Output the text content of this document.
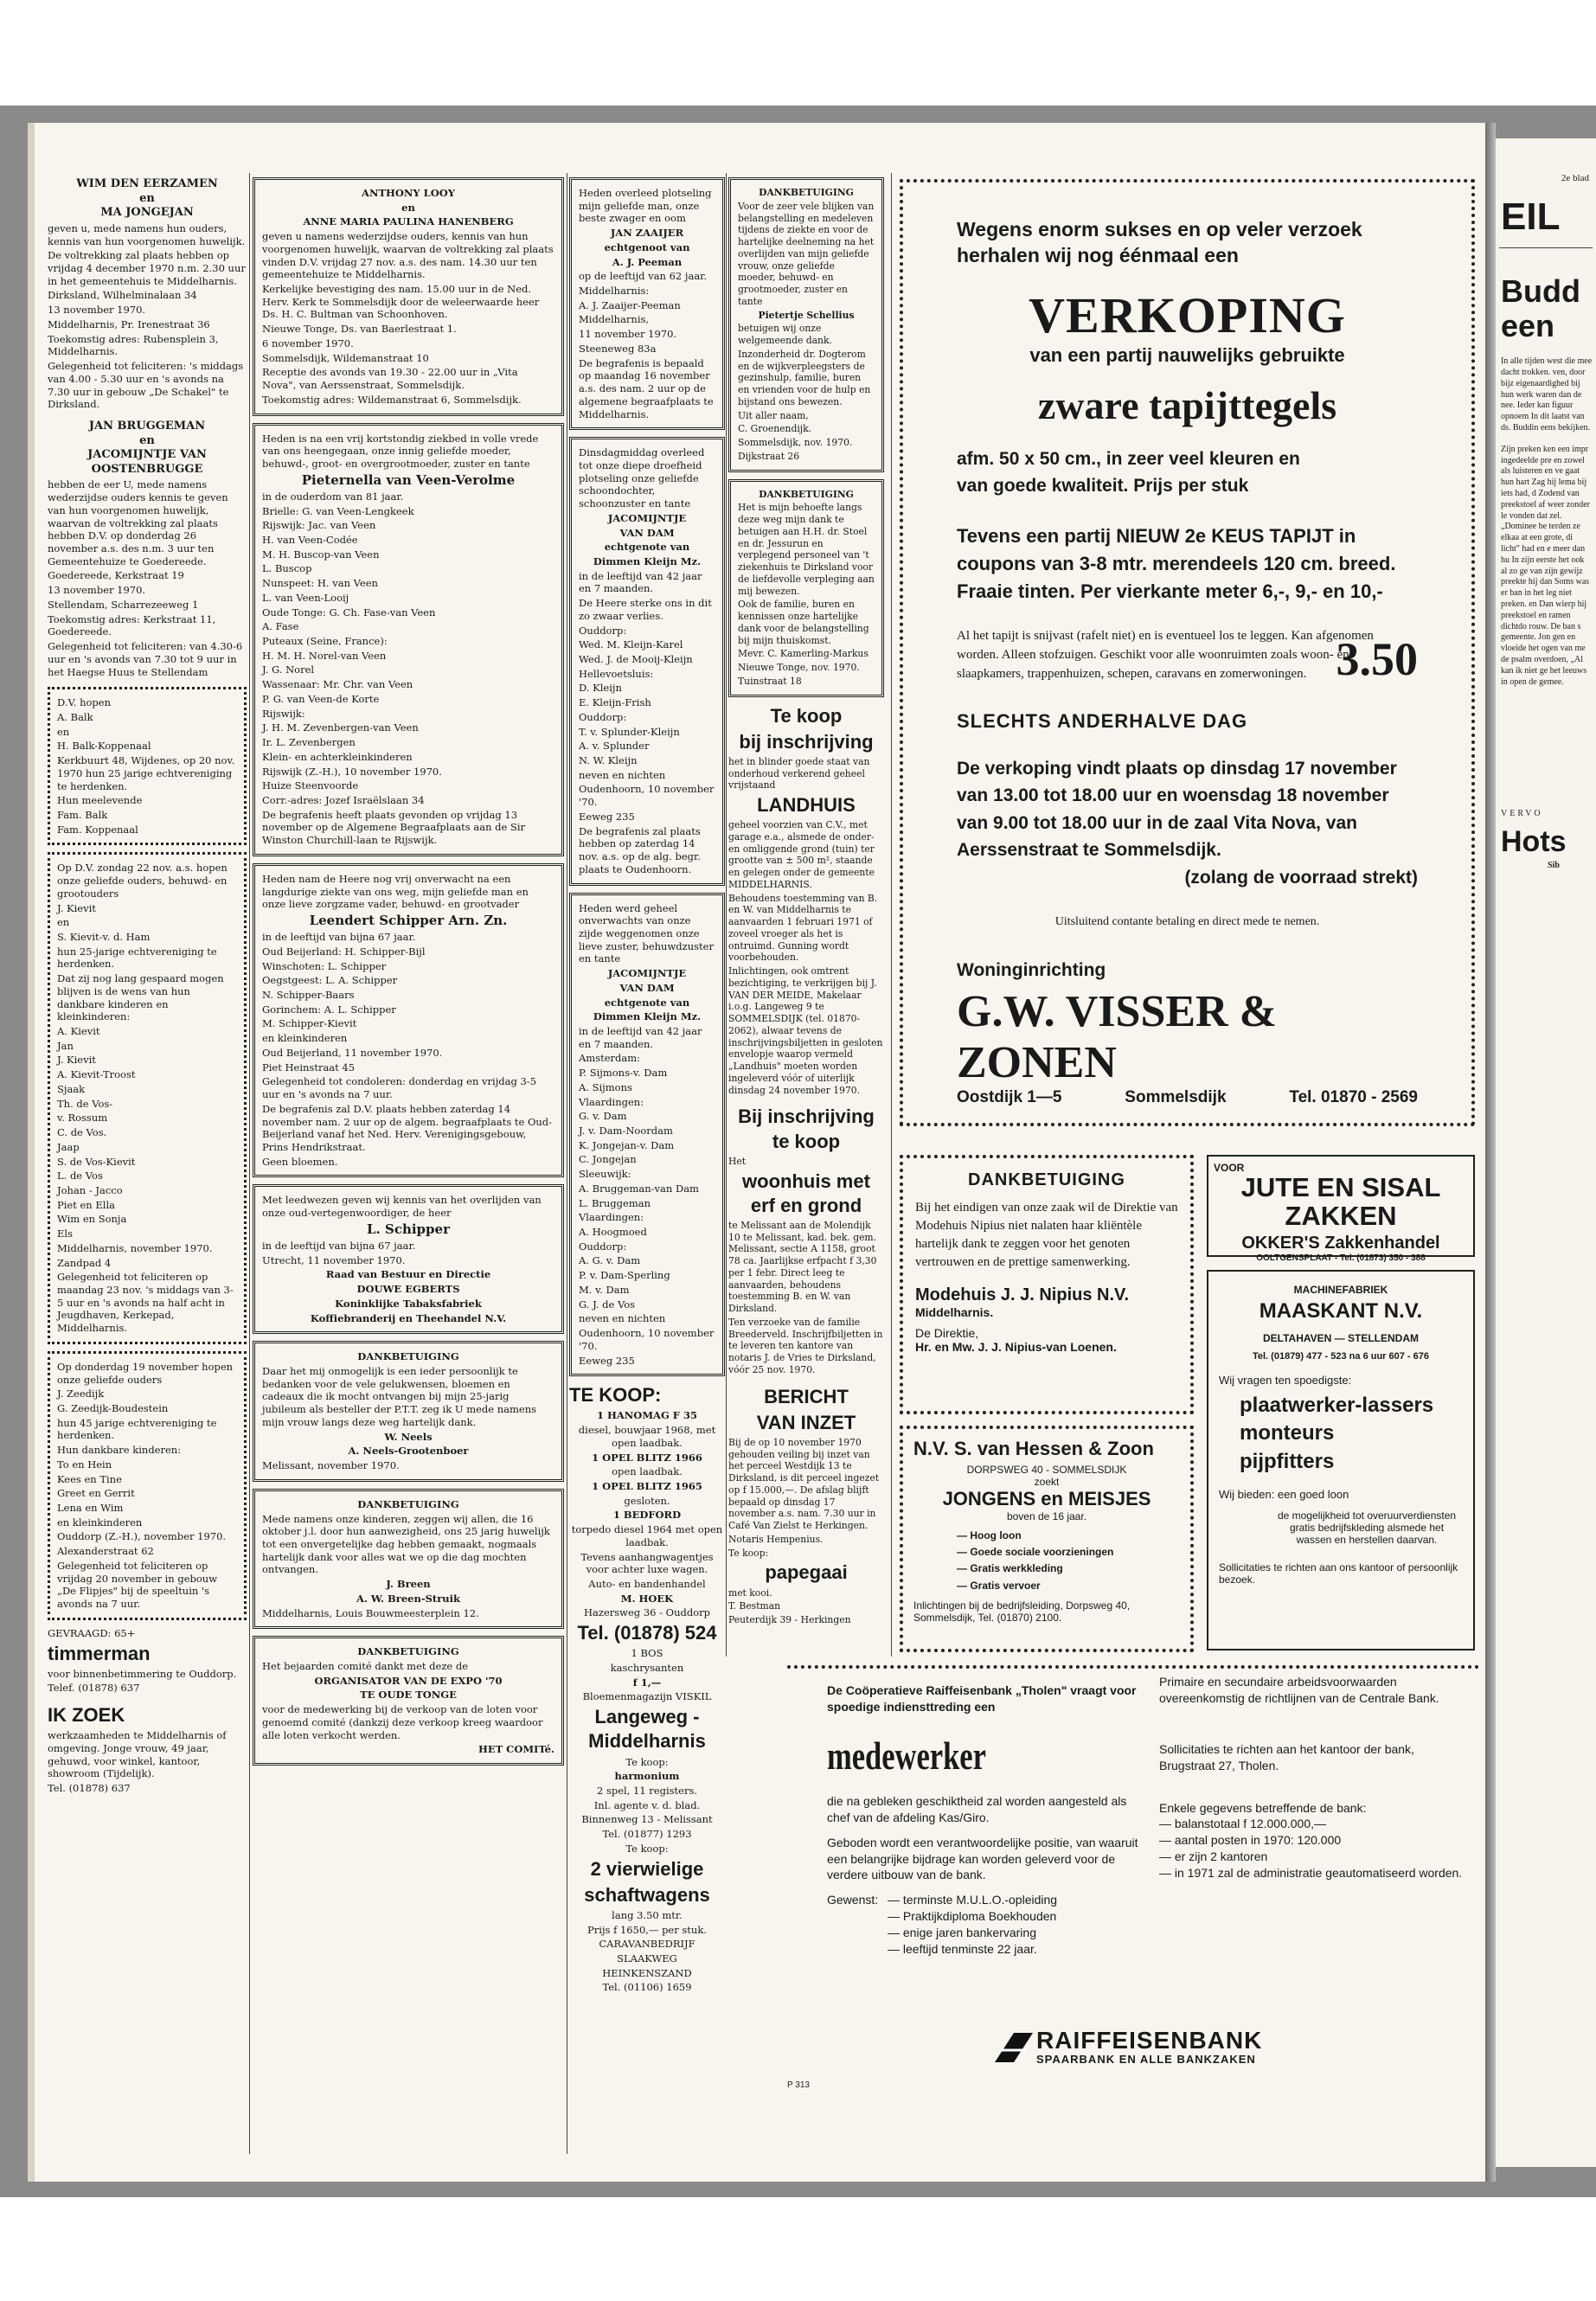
WIM DEN EERZAMEN
en
MA JONGEJAN
geven u, mede namens hun ouders, kennis van hun voorgenomen huwelijk.
De voltrekking zal plaats hebben op vrijdag 4 december 1970 n.m. 2.30 uur in het gemeentehuis te Middelharnis.
Dirksland, Wilhelminalaan 34
13 november 1970.
Middelharnis, Pr. Irenestraat 36
Toekomstig adres: Rubensplein 3, Middelharnis.
Gelegenheid tot feliciteren: 's middags van 4.00 - 5.30 uur en 's avonds na 7.30 uur in gebouw „De Schakel" te Dirksland.
JAN BRUGGEMAN
en
JACOMIJNTJE VAN OOSTENBRUGGE
hebben de eer U, mede namens wederzijdse ouders kennis te geven van hun voorgenomen huwelijk, waarvan de voltrekking zal plaats hebben D.V. op donderdag 26 november a.s. des n.m. 3 uur ten Gemeentehuize te Goedereede.
Goedereede, Kerkstraat 19
13 november 1970.
Stellendam, Scharrezeeweg 1
Toekomstig adres: Kerkstraat 11, Goedereede.
Gelegenheid tot feliciteren: van 4.30-6 uur en 's avonds van 7.30 tot 9 uur in het Haegse Huus te Stellendam
D.V. hopen
A. Balk
en
H. Balk-Koppenaal
Kerkbuurt 48, Wijdenes, op 20 nov. 1970 hun 25 jarige echtvereniging te herdenken.
Hun meelevende
Fam. Balk
Fam. Koppenaal
Op D.V. zondag 22 nov. a.s. hopen onze geliefde ouders, behuwd- en grootouders
J. Kievit
en
S. Kievit-v. d. Ham
hun 25-jarige echtvereniging te herdenken.
Dat zij nog lang gespaard mogen blijven is de wens van hun dankbare kinderen en kleinkinderen:
A. Kievit
Jan
J. Kievit
A. Kievit-Troost
Sjaak
Th. de Vos-
v. Rossum
C. de Vos.
Jaap
S. de Vos-Kievit
L. de Vos
Johan - Jacco
Piet en Ella
Wim en Sonja
Els
Middelharnis, november 1970.
Zandpad 4
Gelegenheid tot feliciteren op maandag 23 nov. 's middags van 3-5 uur en 's avonds na half acht in Jeugdhaven, Kerkepad, Middelharnis.
Op donderdag 19 november hopen onze geliefde ouders
J. Zeedijk
G. Zeedijk-Boudestein
hun 45 jarige echtvereniging te herdenken.
Hun dankbare kinderen:
To en Hein
Kees en Tine
Greet en Gerrit
Lena en Wim
en kleinkinderen
Ouddorp (Z.-H.), november 1970.
Alexanderstraat 62
Gelegenheid tot feliciteren op vrijdag 20 november in gebouw „De Flipjes" bij de speeltuin 's avonds na 7 uur.
GEVRAAGD: 65+
timmerman
voor binnenbetimmering te Ouddorp.
Telef. (01878) 637
IK ZOEK
werkzaamheden te Middelharnis of omgeving. Jonge vrouw, 49 jaar, gehuwd, voor winkel, kantoor, showroom (Tijdelijk).
Tel. (01878) 637
ANTHONY LOOY
en
ANNE MARIA PAULINA HANENBERG
geven u namens wederzijdse ouders, kennis van hun voorgenomen huwelijk, waarvan de voltrekking zal plaats vinden D.V. vrijdag 27 nov. a.s. des nam. 14.30 uur ten gemeentehuize te Middelharnis.
Kerkelijke bevestiging des nam. 15.00 uur in de Ned. Herv. Kerk te Sommelsdijk door de weleerwaarde heer Ds. H. C. Bultman van Schoonhoven.
Nieuwe Tonge, Ds. van Baerlestraat 1.
6 november 1970.
Sommelsdijk, Wildemanstraat 10
Receptie des avonds van 19.30 - 22.00 uur in „Vita Nova", van Aerssenstraat, Sommelsdijk.
Toekomstig adres: Wildemanstraat 6, Sommelsdijk.
Heden is na een vrij kortstondig ziekbed in volle vrede van ons heengegaan, onze innig geliefde moeder, behuwd-, groot- en overgrootmoeder, zuster en tante
Pieternella van Veen-Verolme
in de ouderdom van 81 jaar.
Brielle: G. van Veen-Lengkeek
Rijswijk: Jac. van Veen
H. van Veen-Codée
M. H. Buscop-van Veen
L. Buscop
Nunspeet: H. van Veen
L. van Veen-Looij
Oude Tonge: G. Ch. Fase-van Veen
A. Fase
Puteaux (Seine, France):
H. M. H. Norel-van Veen
J. G. Norel
Wassenaar: Mr. Chr. van Veen
P. G. van Veen-de Korte
Rijswijk:
J. H. M. Zevenbergen-van Veen
Ir. L. Zevenbergen
Klein- en achterkleinkinderen
Rijswijk (Z.-H.), 10 november 1970.
Huize Steenvoorde
Corr.-adres: Jozef Israëlslaan 34
De begrafenis heeft plaats gevonden op vrijdag 13 november op de Algemene Begraafplaats aan de Sir Winston Churchill-laan te Rijswijk.
Heden nam de Heere nog vrij onverwacht na een langdurige ziekte van ons weg, mijn geliefde man en onze lieve zorgzame vader, behuwd- en grootvader
Leendert Schipper Arn. Zn.
in de leeftijd van bijna 67 jaar.
Oud Beijerland: H. Schipper-Bijl
Winschoten: L. Schipper
Oegstgeest: L. A. Schipper
N. Schipper-Baars
Gorinchem: A. L. Schipper
M. Schipper-Kievit
en kleinkinderen
Oud Beijerland, 11 november 1970.
Piet Heinstraat 45
Gelegenheid tot condoleren: donderdag en vrijdag 3-5 uur en 's avonds na 7 uur.
De begrafenis zal D.V. plaats hebben zaterdag 14 november nam. 2 uur op de algem. begraafplaats te Oud-Beijerland vanaf het Ned. Herv. Verenigingsgebouw, Prins Hendrikstraat.
Geen bloemen.
Met leedwezen geven wij kennis van het overlijden van onze oud-vertegenwoordiger, de heer
L. Schipper
in de leeftijd van bijna 67 jaar.
Utrecht, 11 november 1970.
Raad van Bestuur en Directie
DOUWE EGBERTS
Koninklijke Tabaksfabriek
Koffiebranderij en Theehandel N.V.
DANKBETUIGING
Daar het mij onmogelijk is een ieder persoonlijk te bedanken voor de vele gelukwensen, bloemen en cadeaux die ik mocht ontvangen bij mijn 25-jarig jubileum als besteller der P.T.T. zeg ik U mede namens mijn vrouw langs deze weg hartelijk dank.
W. Neels
A. Neels-Grootenboer
Melissant, november 1970.
DANKBETUIGING
Mede namens onze kinderen, zeggen wij allen, die 16 oktober j.l. door hun aanwezigheid, ons 25 jarig huwelijk tot een onvergetelijke dag hebben gemaakt, nogmaals hartelijk dank voor alles wat we op die dag mochten ontvangen.
J. Breen
A. W. Breen-Struik
Middelharnis, Louis Bouwmeesterplein 12.
DANKBETUIGING
Het bejaarden comité dankt met deze de
ORGANISATOR VAN DE EXPO '70
TE OUDE TONGE
voor de medewerking bij de verkoop van de loten voor genoemd comité (dankzij deze verkoop kreeg waardoor alle loten verkocht werden.
HET COMITé.
Heden overleed plotseling mijn geliefde man, onze beste zwager en oom
JAN ZAAIJER
echtgenoot van
A. J. Peeman
op de leeftijd van 62 jaar.
Middelharnis:
A. J. Zaaijer-Peeman
Middelharnis,
11 november 1970.
Steeneweg 83a
De begrafenis is bepaald op maandag 16 november a.s. des nam. 2 uur op de algemene begraafplaats te Middelharnis.
Dinsdagmiddag overleed tot onze diepe droefheid plotseling onze geliefde schoondochter, schoonzuster en tante
JACOMIJNTJE
VAN DAM
echtgenote van
Dimmen Kleijn Mz.
in de leeftijd van 42 jaar en 7 maanden.
De Heere sterke ons in dit zo zwaar verlies.
Ouddorp:
Wed. M. Kleijn-Karel
Wed. J. de Mooij-Kleijn
Hellevoetsluis:
D. Kleijn
E. Kleijn-Frish
Ouddorp:
T. v. Splunder-Kleijn
A. v. Splunder
N. W. Kleijn
neven en nichten
Oudenhoorn, 10 november '70.
Eeweg 235
De begrafenis zal plaats hebben op zaterdag 14 nov. a.s. op de alg. begr. plaats te Oudenhoorn.
Heden werd geheel onverwachts van onze zijde weggenomen onze lieve zuster, behuwdzuster en tante
JACOMIJNTJE
VAN DAM
echtgenote van
Dimmen Kleijn Mz.
in de leeftijd van 42 jaar en 7 maanden.
Amsterdam:
P. Sijmons-v. Dam
A. Sijmons
Vlaardingen:
G. v. Dam
J. v. Dam-Noordam
K. Jongejan-v. Dam
C. Jongejan
Sleeuwijk:
A. Bruggeman-van Dam
L. Bruggeman
Vlaardingen:
A. Hoogmoed
Ouddorp:
A. G. v. Dam
P. v. Dam-Sperling
M. v. Dam
G. J. de Vos
neven en nichten
Oudenhoorn, 10 november '70.
Eeweg 235
TE KOOP:
1 HANOMAG F 35
diesel, bouwjaar 1968, met open laadbak.
1 OPEL BLITZ 1966
open laadbak.
1 OPEL BLITZ 1965
gesloten.
1 BEDFORD
torpedo diesel 1964 met open laadbak.
Tevens aanhangwagentjes voor achter luxe wagen.
Auto- en bandenhandel
M. HOEK
Hazersweg 36 - Ouddorp
Tel. (01878) 524
1 BOS
kaschrysanten
f 1,—
Bloemenmagazijn VISKIL
Langeweg - Middelharnis
Te koop:
harmonium
2 spel, 11 registers.
Inl. agente v. d. blad.
Binnenweg 13 - Melissant
Tel. (01877) 1293
Te koop:
2 vierwielige
schaftwagens
lang 3.50 mtr.
Prijs f 1650,— per stuk.
CARAVANBEDRIJF
SLAAKWEG
HEINKENSZAND
Tel. (01106) 1659
DANKBETUIGING
Voor de zeer vele blijken van belangstelling en medeleven tijdens de ziekte en voor de hartelijke deelneming na het overlijden van mijn geliefde vrouw, onze geliefde moeder, behuwd- en grootmoeder, zuster en tante
Pietertje Schellius
betuigen wij onze welgemeende dank.
Inzonderheid dr. Dogterom en de wijkverpleegsters de gezinshulp, familie, buren en vrienden voor de hulp en bijstand ons bewezen.
Uit aller naam,
C. Groenendijk.
Sommelsdijk, nov. 1970.
Dijkstraat 26
DANKBETUIGING
Het is mijn behoefte langs deze weg mijn dank te betuigen aan H.H. dr. Stoel en dr. Jessurun en verplegend personeel van 't ziekenhuis te Dirksland voor de liefdevolle verpleging aan mij bewezen.
Ook de familie, buren en kennissen onze hartelijke dank voor de belangstelling bij mijn thuiskomst.
Mevr. C. Kamerling-Markus
Nieuwe Tonge, nov. 1970.
Tuinstraat 18
Te koop
bij inschrijving
het in blinder goede staat van onderhoud verkerend geheel vrijstaand
LANDHUIS
geheel voorzien van C.V., met garage e.a., alsmede de onder- en omliggende grond (tuin) ter grootte van ± 500 m², staande en gelegen onder de gemeente MIDDELHARNIS.
Behoudens toestemming van B. en W. van Middelharnis te aanvaarden 1 februari 1971 of zoveel vroeger als het is ontruimd. Gunning wordt voorbehouden.
Inlichtingen, ook omtrent bezichtiging, te verkrijgen bij J. VAN DER MEIDE, Makelaar i.o.g. Langeweg 9 te SOMMELSDIJK (tel. 01870-2062), alwaar tevens de inschrijvingsbiljetten in gesloten envelopje waarop vermeld „Landhuis" moeten worden ingeleverd vóór of uiterlijk dinsdag 24 november 1970.
Bij inschrijving te koop
Het
woonhuis met erf en grond
te Melissant aan de Molendijk 10 te Melissant, kad. bek. gem. Melissant, sectie A 1158, groot 78 ca. Jaarlijkse erfpacht f 3,30 per 1 febr. Direct leeg te aanvaarden, behoudens toestemming B. en W. van Dirksland.
Ten verzoeke van de familie Breederveld. Inschrijfbiljetten in te leveren ten kantore van notaris J. de Vries te Dirksland, vóór 25 nov. 1970.
BERICHT
VAN INZET
Bij de op 10 november 1970 gehouden veiling bij inzet van het perceel Westdijk 13 te Dirksland, is dit perceel ingezet op f 15.000,—. De afslag blijft bepaald op dinsdag 17 november a.s. nam. 7.30 uur in Café Van Zielst te Herkingen.
Notaris Hempenius.
Te koop:
papegaai
met kooi.
T. Bestman
Peuterdijk 39 - Herkingen
Wegens enorm sukses en op veler verzoek herhalen wij nog éénmaal een
VERKOPING
van een partij nauwelijks gebruikte
zware tapijttegels
afm. 50 x 50 cm., in zeer veel kleuren en van goede kwaliteit. Prijs per stuk
3.50
Tevens een partij NIEUW 2e KEUS TAPIJT in coupons van 3-8 mtr. merendeels 120 cm. breed. Fraaie tinten. Per vierkante meter 6,-, 9,- en 10,-
Al het tapijt is snijvast (rafelt niet) en is eventueel los te leggen. Kan afgenomen worden. Alleen stofzuigen. Geschikt voor alle woonruimten zoals woon- en slaapkamers, trappenhuizen, schepen, caravans en zomerwoningen.
SLECHTS ANDERHALVE DAG
De verkoping vindt plaats op dinsdag 17 november van 13.00 tot 18.00 uur en woensdag 18 november van 9.00 tot 18.00 uur in de zaal Vita Nova, van Aerssenstraat te Sommelsdijk.
(zolang de voorraad strekt)
Uitsluitend contante betaling en direct mede te nemen.
Woninginrichting
G.W. VISSER & ZONEN
Oostdijk 1—5	Sommelsdijk	Tel. 01870 - 2569
DANKBETUIGING
Bij het eindigen van onze zaak wil de Direktie van Modehuis Nipius niet nalaten haar kliëntèle hartelijk dank te zeggen voor het genoten vertrouwen en de prettige samenwerking.
Modehuis J. J. Nipius N.V.
Middelharnis.
De Direktie,
Hr. en Mw. J. J. Nipius-van Loenen.
VOOR
JUTE EN SISAL ZAKKEN
OKKER'S Zakkenhandel
OOLTGENSPLAAT - Tel. (01873) 350 - 388
MACHINEFABRIEK
MAASKANT N.V.
DELTAHAVEN — STELLENDAM
Tel. (01879) 477 - 523 na 6 uur 607 - 676
Wij vragen ten spoedigste:
plaatwerker-lassers
monteurs
pijpfitters
Wij bieden: een goed loon
de mogelijkheid tot overuurverdiensten gratis bedrijfskleding alsmede het wassen en herstellen daarvan.
Sollicitaties te richten aan ons kantoor of persoonlijk bezoek.
N.V. S. van Hessen & Zoon
DORPSWEG 40 - SOMMELSDIJK
zoekt
JONGENS en MEISJES
boven de 16 jaar.
— Hoog loon
— Goede sociale voorzieningen
— Gratis werkkleding
— Gratis vervoer
Inlichtingen bij de bedrijfsleiding, Dorpsweg 40, Sommelsdijk, Tel. (01870) 2100.
De Coöperatieve Raiffeisenbank „Tholen" vraagt voor spoedige indiensttreding een
medewerker
die na gebleken geschiktheid zal worden aangesteld als chef van de afdeling Kas/Giro.
Geboden wordt een verantwoordelijke positie, van waaruit een belangrijke bijdrage kan worden geleverd voor de verdere uitbouw van de bank.
Gewenst: — terminste M.U.L.O.-opleiding
— Praktijkdiploma Boekhouden
— enige jaren bankervaring
— leeftijd tenminste 22 jaar.
Primaire en secundaire arbeidsvoorwaarden overeenkomstig de richtlijnen van de Centrale Bank.
Sollicitaties te richten aan het kantoor der bank, Brugstraat 27, Tholen.
Enkele gegevens betreffende de bank:
— balanstotaal f 12.000.000,—
— aantal posten in 1970: 120.000
— er zijn 2 kantoren
— in 1971 zal de administratie geautomatiseerd worden.
RAIFFEISENBANK
SPAARBANK EN ALLE BANKZAKEN
P 313
2e blad
EIL
Budd
een
In alle tijden west die mee dacht trokken. ven, door bijz eigenaardighed bij hun werk waren dan de nee. Ieder kan figuur opnoem In dit laatst van ds. Buddin eens bekijken.
Zijn preken ken een impr ingedeelde pre en zowel als luisteren en ve gaat hun hart Zag hij lema bij iets had, d Zodend van preekstoel af weer zonder le vonden dat zel. „Dominee he terden ze elkaa at een grote, di licht" had en e meer dan hu In zijn eerste het ook al zo ge van zijn gewijz preekte hij dan Soms was er ban in het leg niet preken. en Dan wierp hij preekstoel en ramen dichtdo rouw. De ban s gemeente. Jon gen en vloeide het ogen van me de psalm overdoen, „Al kan ik niet ge het leeuws in open de gemee.
VERVO
Hots
Sib
